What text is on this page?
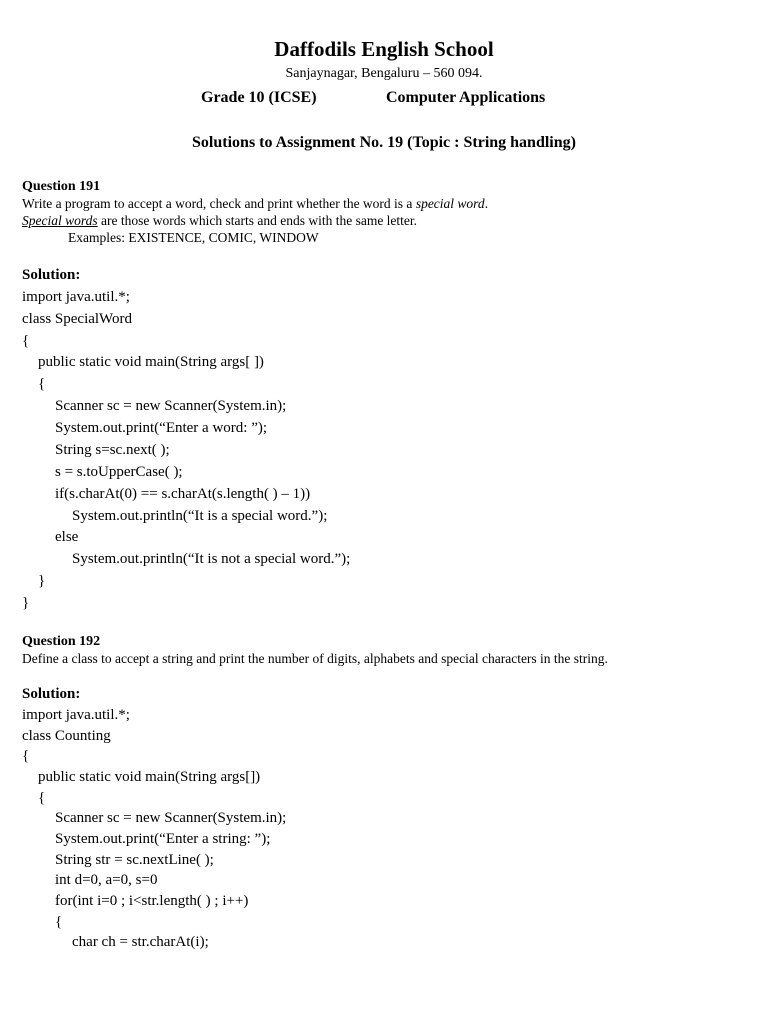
Daffodils English School
Sanjaynagar, Bengaluru – 560 094.
Grade 10 (ICSE)	Computer Applications
Solutions to Assignment No. 19 (Topic : String handling)
Question 191
Write a program to accept a word, check and print whether the word is a special word.
Special words are those words which starts and ends with the same letter.
Examples: EXISTENCE, COMIC, WINDOW
Solution:
import java.util.*;
class SpecialWord
{
public static void main(String args[ ])
{
Scanner sc = new Scanner(System.in);
System.out.print(“Enter a word: ”);
String s=sc.next( );
s = s.toUpperCase( );
if(s.charAt(0) == s.charAt(s.length( ) – 1))
System.out.println(“It is a special word.”);
else
System.out.println(“It is not a special word.”);
}
}
Question 192
Define a class to accept a string and print the number of digits, alphabets and special characters in the string.
Solution:
import java.util.*;
class Counting
{
public static void main(String args[])
{
Scanner sc = new Scanner(System.in);
System.out.print(“Enter a string: ”);
String str = sc.nextLine( );
int d=0, a=0, s=0
for(int i=0 ; i<str.length( ) ; i++)
{
char ch = str.charAt(i);
